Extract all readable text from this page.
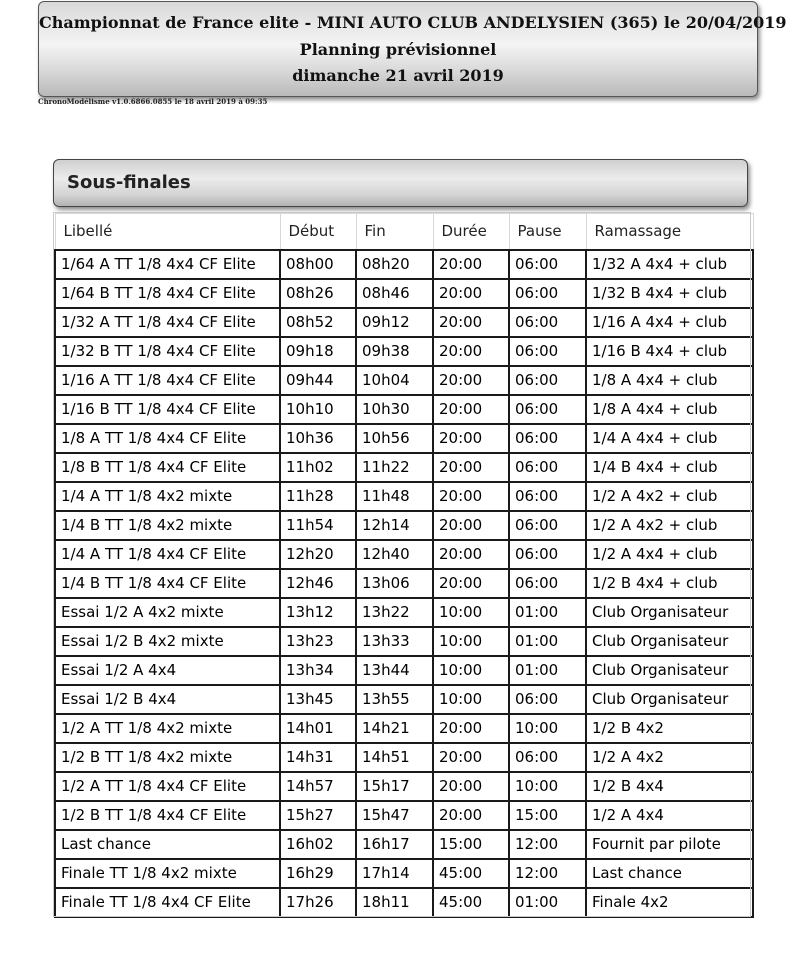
Championnat de France elite - MINI AUTO CLUB ANDELYSIEN (365) le 20/04/2019
Planning prévisionnel
dimanche 21 avril 2019
ChronoModélisme v1.0.6866.0855 le 18 avril 2019 à 09:35
Sous-finales
Libellé	Début	Fin	Durée	Pause	Ramassage
1/64 A TT 1/8 4x4 CF Elite	08h00	08h20	20:00	06:00	1/32 A 4x4 + club
1/64 B TT 1/8 4x4 CF Elite	08h26	08h46	20:00	06:00	1/32 B 4x4 + club
1/32 A TT 1/8 4x4 CF Elite	08h52	09h12	20:00	06:00	1/16 A 4x4 + club
1/32 B TT 1/8 4x4 CF Elite	09h18	09h38	20:00	06:00	1/16 B 4x4 + club
1/16 A TT 1/8 4x4 CF Elite	09h44	10h04	20:00	06:00	1/8 A 4x4 + club
1/16 B TT 1/8 4x4 CF Elite	10h10	10h30	20:00	06:00	1/8 A 4x4 + club
1/8 A TT 1/8 4x4 CF Elite	10h36	10h56	20:00	06:00	1/4 A 4x4 + club
1/8 B TT 1/8 4x4 CF Elite	11h02	11h22	20:00	06:00	1/4 B 4x4 + club
1/4 A TT 1/8 4x2 mixte	11h28	11h48	20:00	06:00	1/2 A 4x2 + club
1/4 B TT 1/8 4x2 mixte	11h54	12h14	20:00	06:00	1/2 A 4x2 + club
1/4 A TT 1/8 4x4 CF Elite	12h20	12h40	20:00	06:00	1/2 A 4x4 + club
1/4 B TT 1/8 4x4 CF Elite	12h46	13h06	20:00	06:00	1/2 B 4x4 + club
Essai 1/2 A 4x2 mixte	13h12	13h22	10:00	01:00	Club Organisateur
Essai 1/2 B 4x2 mixte	13h23	13h33	10:00	01:00	Club Organisateur
Essai 1/2 A 4x4	13h34	13h44	10:00	01:00	Club Organisateur
Essai 1/2 B 4x4	13h45	13h55	10:00	06:00	Club Organisateur
1/2 A TT 1/8 4x2 mixte	14h01	14h21	20:00	10:00	1/2 B 4x2
1/2 B TT 1/8 4x2 mixte	14h31	14h51	20:00	06:00	1/2 A 4x2
1/2 A TT 1/8 4x4 CF Elite	14h57	15h17	20:00	10:00	1/2 B 4x4
1/2 B TT 1/8 4x4 CF Elite	15h27	15h47	20:00	15:00	1/2 A 4x4
Last chance	16h02	16h17	15:00	12:00	Fournit par pilote
Finale TT 1/8 4x2 mixte	16h29	17h14	45:00	12:00	Last chance
Finale TT 1/8 4x4 CF Elite	17h26	18h11	45:00	01:00	Finale 4x2
